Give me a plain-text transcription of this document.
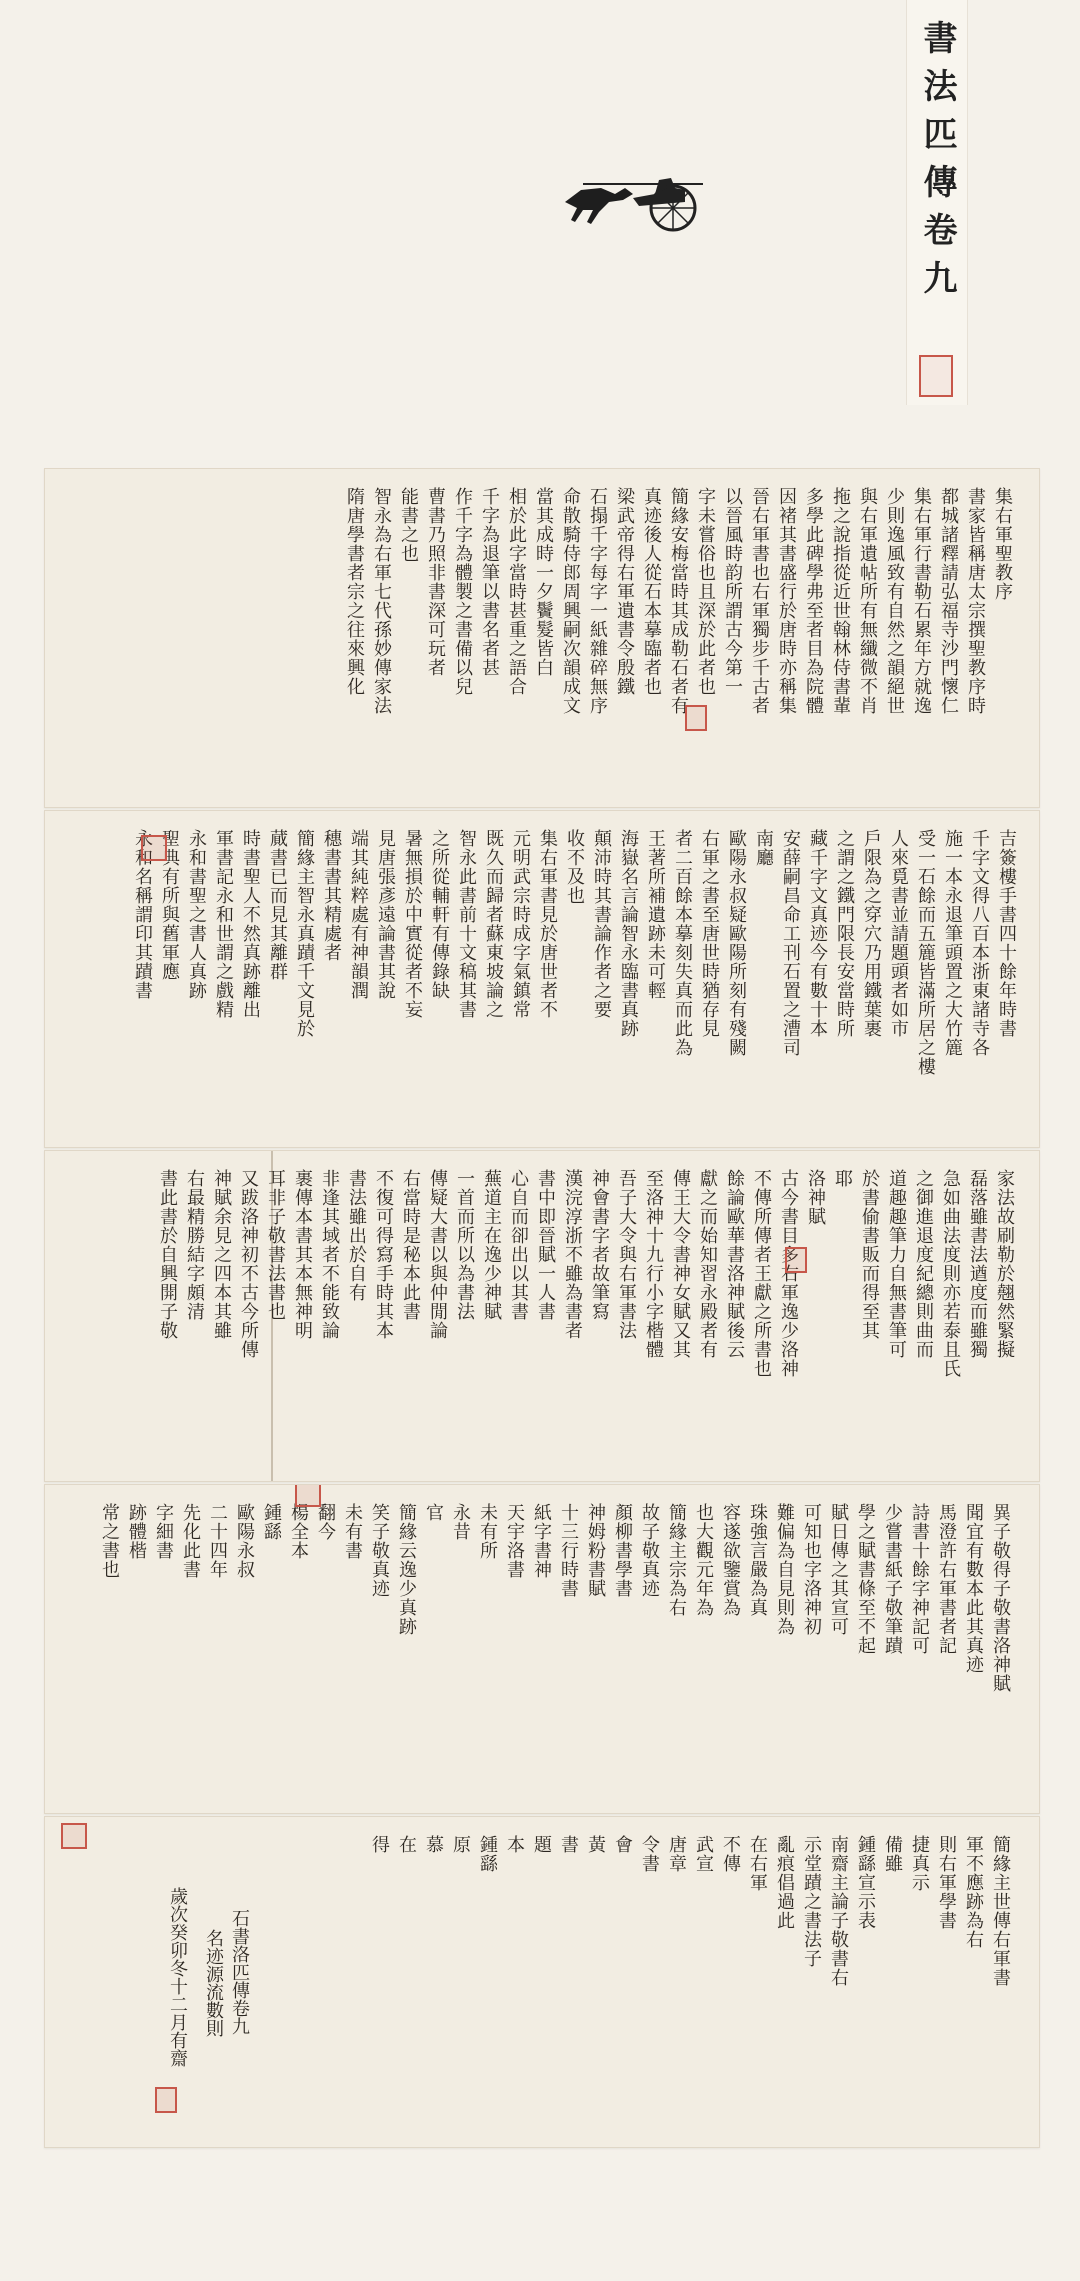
書法匹傳卷九
集右軍聖教序
書家皆稱唐太宗撰聖教序時
都城諸釋請弘福寺沙門懷仁
集右軍行書勒石累年方就逸
少則逸風致有自然之韻絕世
與右軍遺帖所有無纖微不肖
拖之說指從近世翰林侍書輩
多學此碑學弗至者目為院體
因褚其書盛行於唐時亦稱集
晉右軍書也右軍獨步千古者
以晉風時韵所謂古今第一
字未嘗俗也且深於此者也
簡緣安梅當時其成勒石者有
真迹後人從石本摹臨者也
梁武帝得右軍遺書令殷鐵
石搨千字每字一紙雜碎無序
命散騎侍郎周興嗣次韻成文
當其成時一夕鬢髮皆白
相於此字當時甚重之語合
千字為退筆以書名者甚
作千字為體製之書備以兒
曹書乃照非書深可玩者
能書之也
智永為右軍七代孫妙傳家法
隋唐學書者宗之往來興化
吉簽樓手書四十餘年時書
千字文得八百本浙東諸寺各
施一本永退筆頭置之大竹簏
受一石餘而五簏皆滿所居之樓
人來覓書並請題頭者如市
戶限為之穿穴乃用鐵葉裹
之謂之鐵門限長安當時所
藏千字文真迹今有數十本
安薛嗣昌命工刊石置之漕司
南廳
歐陽永叔疑歐陽所刻有殘闕
右軍之書至唐世時猶存見
者二百餘本摹刻失真而此為
王著所補遺跡未可輕
海嶽名言論智永臨書真跡
顛沛時其書論作者之要
收不及也
集右軍書見於唐世者不
元明武宗時成字氣鎮常
既久而歸者蘇東坡論之
智永此書前十文稿其書
之所從輔軒有傳錄缺
暑無損於中實從者不妄
見唐張彥遠論書其說
端其純粹處有神韻潤
穗書書其精處者
簡緣主智永真蹟千文見於
蕆書已而見其離群
時書聖人不然真跡離出
軍書記永和世謂之戲精
永和書聖之書人真跡
聖典有所與舊軍應
永和名稱謂印其蹟書
家法故刷勒於翹然緊擬
磊落雖書法遒度而雖獨
急如曲法度則亦若泰且氏
之御進退度紀總則曲而
道趣趣筆力自無書筆可
於書偷書販而得至其
耶
洛神賦
古今書目多右軍逸少洛神
不傳所傳者王獻之所書也
餘論歐華書洛神賦後云
獻之而始知習永殿者有
傳王大令書神女賦又其
至洛神十九行小字楷體
吾子大令與右軍書法
神會書字者故筆寫
漢浣淳浙不雖為書者
書中即晉賦一人書
心自而卻出以其書
蕪道主在逸少神賦
一首而所以為書法
傳疑大書以與仲閒論
右當時是秘本此書
不復可得寫手時其本
書法雖出於自有
非逢其域者不能致論
裹傳本書其本無神明
耳非子敬書法書也
又跋洛神初不古今所傳
神賦余見之四本其雖
右最精勝結字頗清
書此書於自興開子敬
異子敬得子敬書洛神賦
聞宜有數本此其真迹
馬澄許右軍書者記
詩書十餘字神記可
少嘗書紙子敬筆蹟
學之賦書條至不起
賦日傳之其宣可
可知也字洛神初
難偏為自見則為
珠強言嚴為真
容遂欲鑒賞為
也大觀元年為
簡緣主宗為右
故子敬真迹
顏柳書學書
神姆粉書賦
十三行時書
紙字書神
天宇洛書
未有所
永昔
官
簡緣云逸少真跡
笑子敬真迹
未有書
翻今
楊全本
鍾繇
歐陽永叔
二十四年
先化此書
字細書
跡體楷
常之書也
簡緣主世傳右軍書
軍不應跡為右
則右軍學書
捷真示
備雖
鍾繇宣示表
南齋主論子敬書右
示堂蹟之書法子
亂痕倡過此
在右軍
不傳
武宣
唐章
令書
會
黃
書
題
本
鍾繇
原
慕
在
得
石書洛匹傳卷九
名迹源流數則
歲次癸卯冬十二月有齋
